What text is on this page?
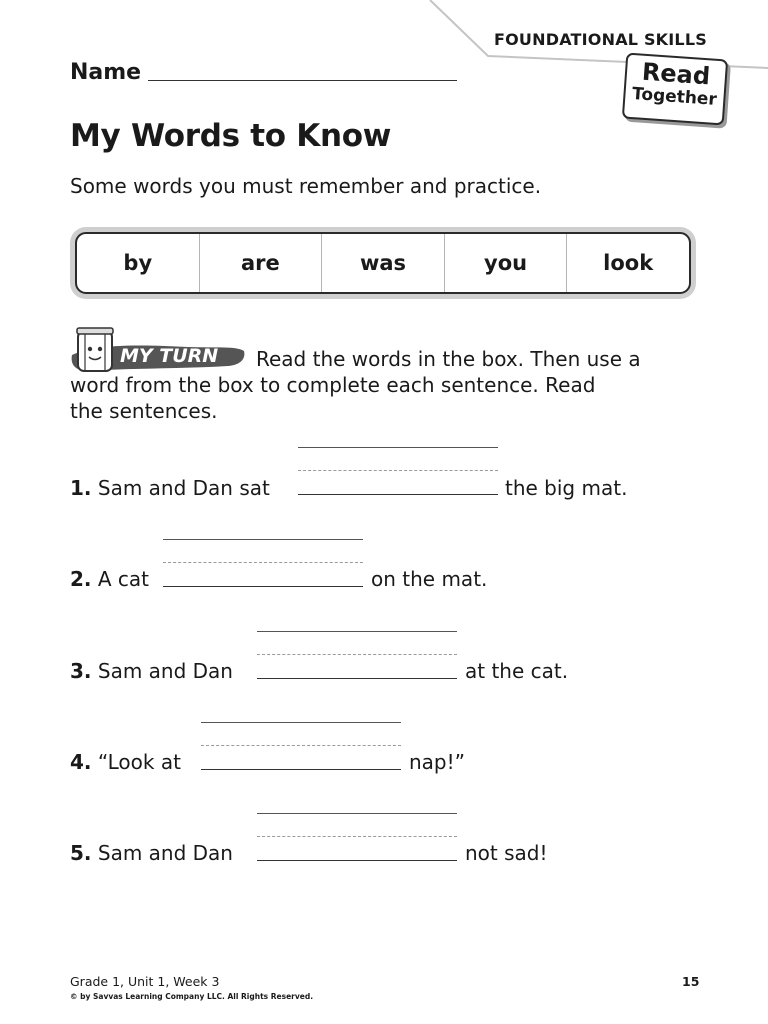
FOUNDATIONAL SKILLS
Read
Together
Name
My Words to Know
Some words you must remember and practice.
by	are	was	you	look
MY TURN Read the words in the box. Then use a
word from the box to complete each sentence. Read
the sentences.
1. Sam and Dan sat	the big mat.
2. A cat	on the mat.
3. Sam and Dan	at the cat.
4. “Look at	nap!”
5. Sam and Dan	not sad!
Grade 1, Unit 1, Week 3
© by Savvas Learning Company LLC. All Rights Reserved.
15
